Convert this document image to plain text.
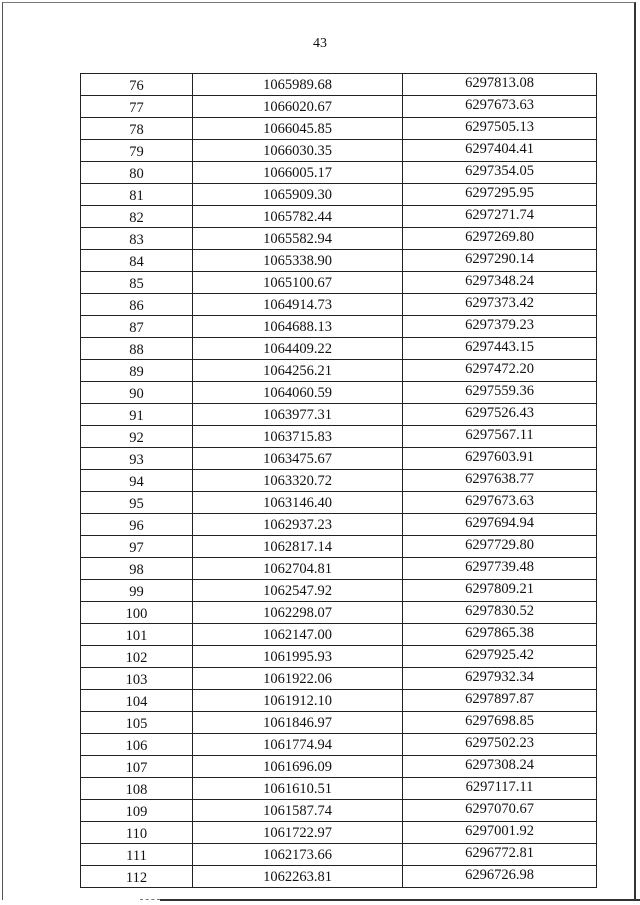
43
76	1065989.68	6297813.08
77	1066020.67	6297673.63
78	1066045.85	6297505.13
79	1066030.35	6297404.41
80	1066005.17	6297354.05
81	1065909.30	6297295.95
82	1065782.44	6297271.74
83	1065582.94	6297269.80
84	1065338.90	6297290.14
85	1065100.67	6297348.24
86	1064914.73	6297373.42
87	1064688.13	6297379.23
88	1064409.22	6297443.15
89	1064256.21	6297472.20
90	1064060.59	6297559.36
91	1063977.31	6297526.43
92	1063715.83	6297567.11
93	1063475.67	6297603.91
94	1063320.72	6297638.77
95	1063146.40	6297673.63
96	1062937.23	6297694.94
97	1062817.14	6297729.80
98	1062704.81	6297739.48
99	1062547.92	6297809.21
100	1062298.07	6297830.52
101	1062147.00	6297865.38
102	1061995.93	6297925.42
103	1061922.06	6297932.34
104	1061912.10	6297897.87
105	1061846.97	6297698.85
106	1061774.94	6297502.23
107	1061696.09	6297308.24
108	1061610.51	6297117.11
109	1061587.74	6297070.67
110	1061722.97	6297001.92
111	1062173.66	6296772.81
112	1062263.81	6296726.98
